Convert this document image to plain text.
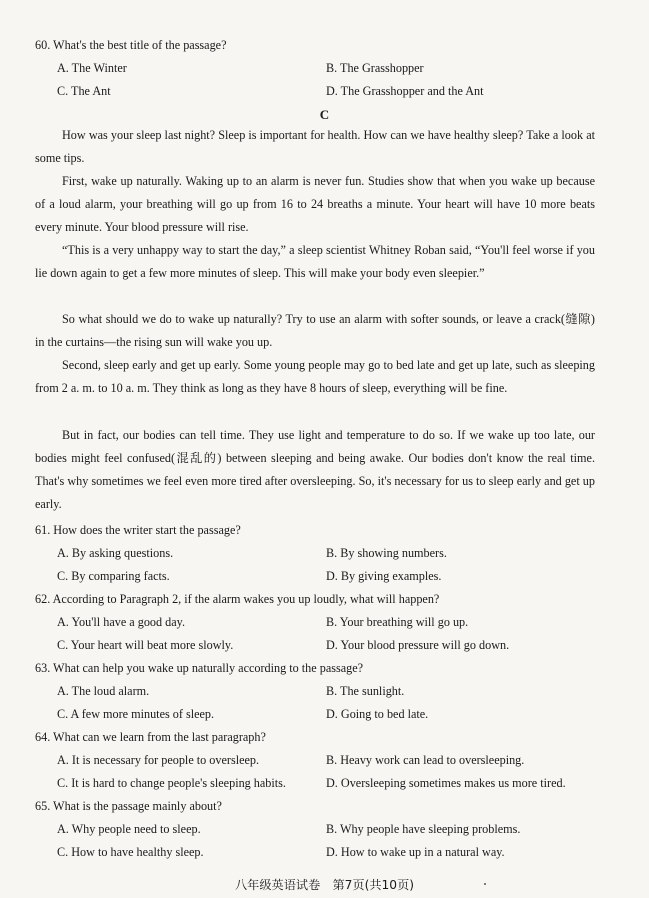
60. What's the best title of the passage?
A. The Winter	B. The Grasshopper
C. The Ant	D. The Grasshopper and the Ant
C
How was your sleep last night? Sleep is important for health. How can we have healthy sleep? Take a look at some tips.
First, wake up naturally. Waking up to an alarm is never fun. Studies show that when you wake up because of a loud alarm, your breathing will go up from 16 to 24 breaths a minute. Your heart will have 10 more beats every minute. Your blood pressure will rise.
“This is a very unhappy way to start the day,” a sleep scientist Whitney Roban said, “You'll feel worse if you lie down again to get a few more minutes of sleep. This will make your body even sleepier.”
So what should we do to wake up naturally? Try to use an alarm with softer sounds, or leave a crack(缝隙) in the curtains—the rising sun will wake you up.
Second, sleep early and get up early. Some young people may go to bed late and get up late, such as sleeping from 2 a. m. to 10 a. m. They think as long as they have 8 hours of sleep, everything will be fine.
But in fact, our bodies can tell time. They use light and temperature to do so. If we wake up too late, our bodies might feel confused(混乱的) between sleeping and being awake. Our bodies don't know the real time. That's why sometimes we feel even more tired after oversleeping. So, it's necessary for us to sleep early and get up early.
61. How does the writer start the passage?
A. By asking questions.	B. By showing numbers.
C. By comparing facts.	D. By giving examples.
62. According to Paragraph 2, if the alarm wakes you up loudly, what will happen?
A. You'll have a good day.	B. Your breathing will go up.
C. Your heart will beat more slowly.	D. Your blood pressure will go down.
63. What can help you wake up naturally according to the passage?
A. The loud alarm.	B. The sunlight.
C. A few more minutes of sleep.	D. Going to bed late.
64. What can we learn from the last paragraph?
A. It is necessary for people to oversleep.	B. Heavy work can lead to oversleeping.
C. It is hard to change people's sleeping habits.	D. Oversleeping sometimes makes us more tired.
65. What is the passage mainly about?
A. Why people need to sleep.	B. Why people have sleeping problems.
C. How to have healthy sleep.	D. How to wake up in a natural way.
八年级英语试卷　第7页(共10页)
